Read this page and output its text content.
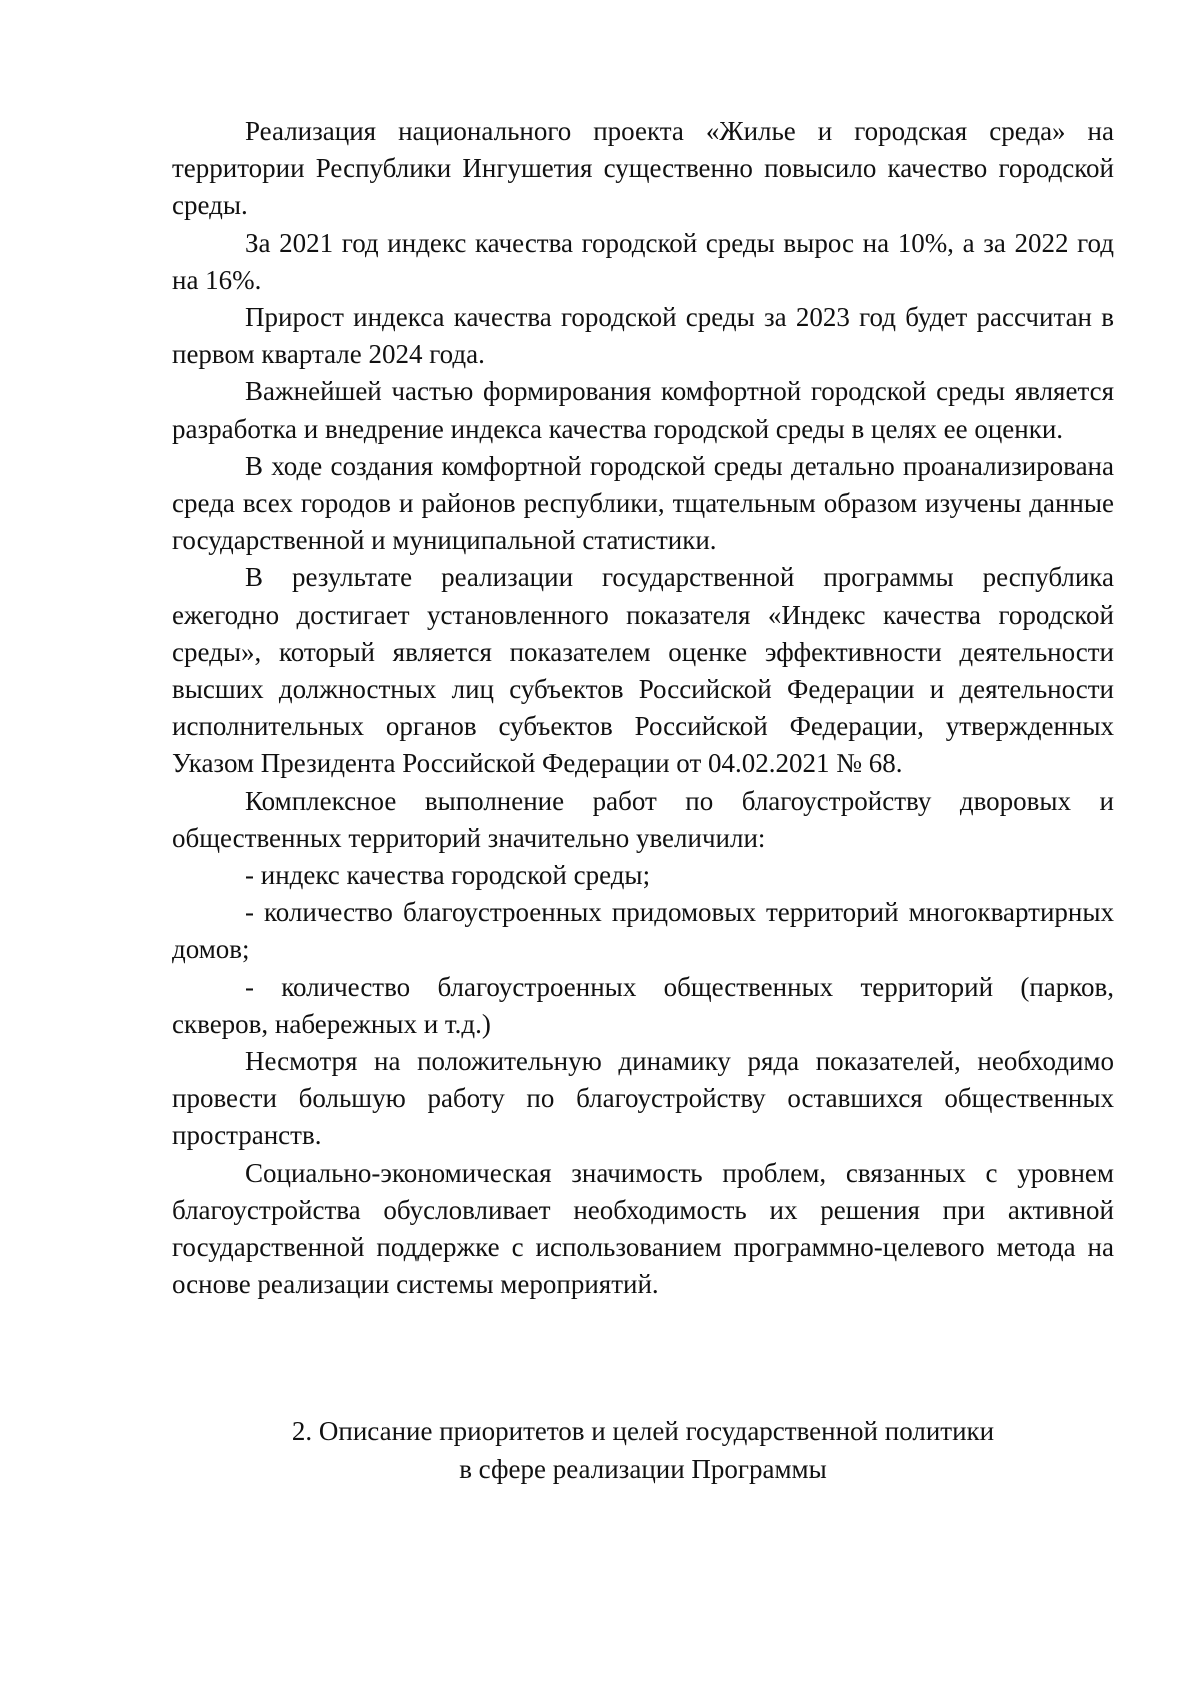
Реализация национального проекта «Жилье и городская среда» на территории Республики Ингушетия существенно повысило качество городской среды.

За 2021 год индекс качества городской среды вырос на 10%, а за 2022 год на 16%.

Прирост индекса качества городской среды за 2023 год будет рассчитан в первом квартале 2024 года.

Важнейшей частью формирования комфортной городской среды является разработка и внедрение индекса качества городской среды в целях ее оценки.

В ходе создания комфортной городской среды детально проанализирована среда всех городов и районов республики, тщательным образом изучены данные государственной и муниципальной статистики.

В результате реализации государственной программы республика ежегодно достигает установленного показателя «Индекс качества городской среды», который является показателем оценке эффективности деятельности высших должностных лиц субъектов Российской Федерации и деятельности исполнительных органов субъектов Российской Федерации, утвержденных Указом Президента Российской Федерации от 04.02.2021 № 68.

Комплексное выполнение работ по благоустройству дворовых и общественных территорий значительно увеличили:

- индекс качества городской среды;

- количество благоустроенных придомовых территорий многоквартирных домов;

- количество благоустроенных общественных территорий (парков, скверов, набережных и т.д.)

Несмотря на положительную динамику ряда показателей, необходимо провести большую работу по благоустройству оставшихся общественных пространств.

Социально-экономическая значимость проблем, связанных с уровнем благоустройства обусловливает необходимость их решения при активной государственной поддержке с использованием программно-целевого метода на основе реализации системы мероприятий.

2. Описание приоритетов и целей государственной политики
в сфере реализации Программы
